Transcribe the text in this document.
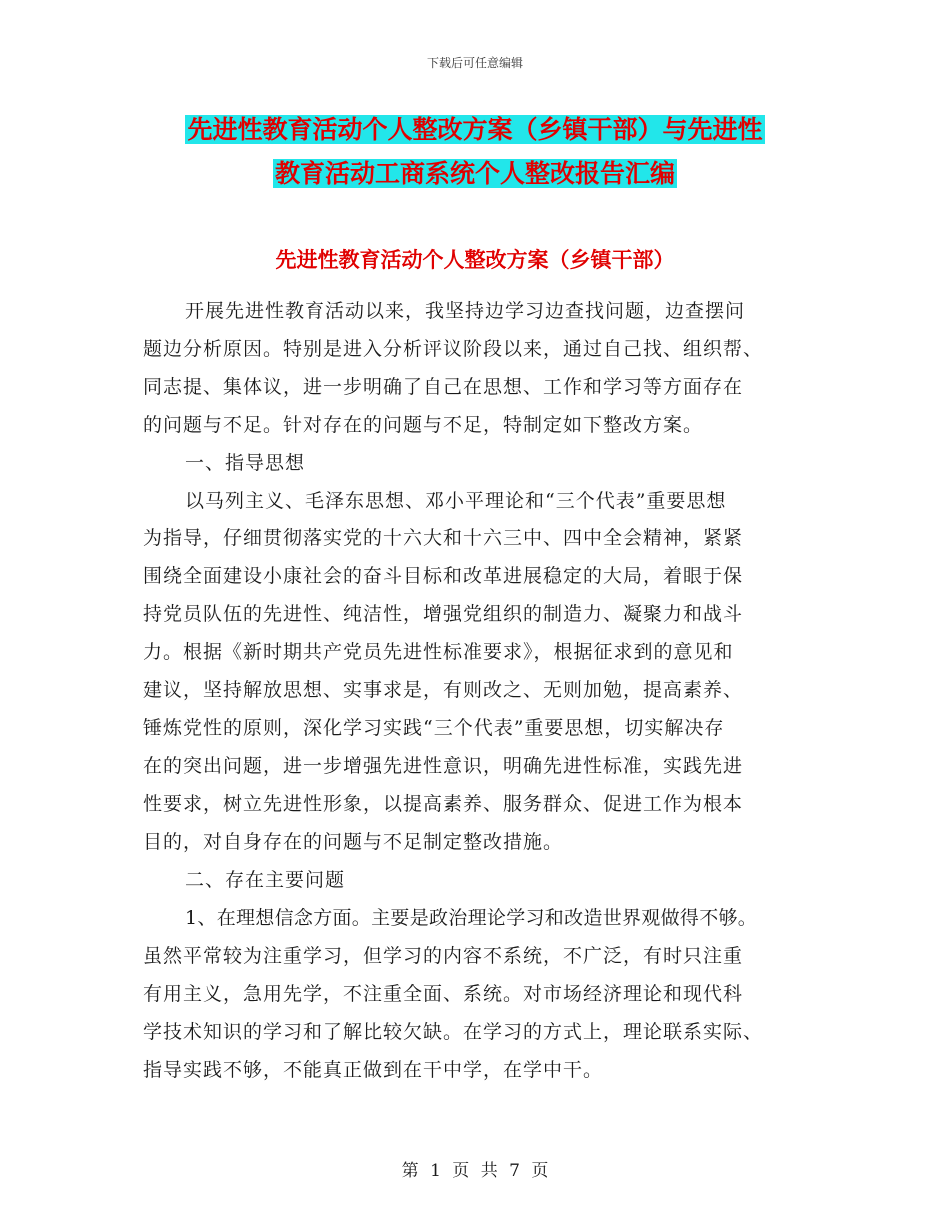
下载后可任意编辑
先进性教育活动个人整改方案（乡镇干部）与先进性
教育活动工商系统个人整改报告汇编
先进性教育活动个人整改方案（乡镇干部）
开展先进性教育活动以来，我坚持边学习边查找问题，边查摆问
题边分析原因。特别是进入分析评议阶段以来，通过自己找、组织帮、
同志提、集体议，进一步明确了自己在思想、工作和学习等方面存在
的问题与不足。针对存在的问题与不足，特制定如下整改方案。
一、指导思想
以马列主义、毛泽东思想、邓小平理论和“三个代表”重要思想
为指导，仔细贯彻落实党的十六大和十六三中、四中全会精神，紧紧
围绕全面建设小康社会的奋斗目标和改革进展稳定的大局，着眼于保
持党员队伍的先进性、纯洁性，增强党组织的制造力、凝聚力和战斗
力。根据《新时期共产党员先进性标准要求》，根据征求到的意见和
建议，坚持解放思想、实事求是，有则改之、无则加勉，提高素养、
锤炼党性的原则，深化学习实践“三个代表”重要思想，切实解决存
在的突出问题，进一步增强先进性意识，明确先进性标准，实践先进
性要求，树立先进性形象，以提高素养、服务群众、促进工作为根本
目的，对自身存在的问题与不足制定整改措施。
二、存在主要问题
1、在理想信念方面。主要是政治理论学习和改造世界观做得不够。
虽然平常较为注重学习，但学习的内容不系统，不广泛，有时只注重
有用主义，急用先学，不注重全面、系统。对市场经济理论和现代科
学技术知识的学习和了解比较欠缺。在学习的方式上，理论联系实际、
指导实践不够，不能真正做到在干中学，在学中干。
第 1 页 共 7 页
